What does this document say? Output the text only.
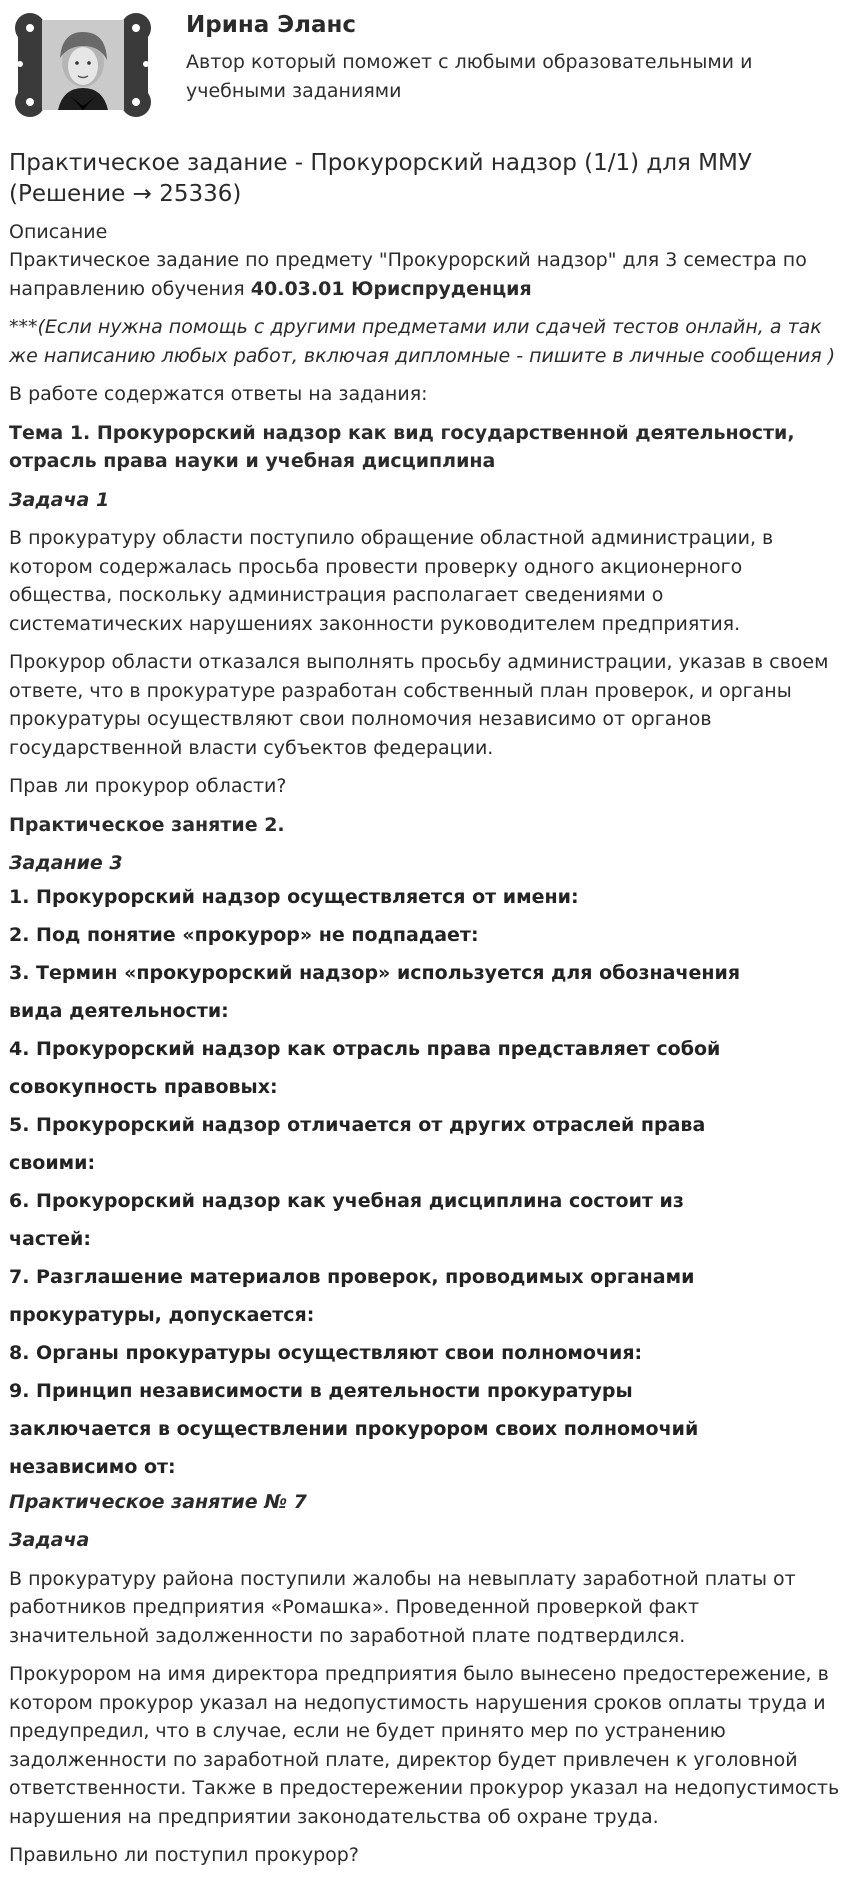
Ирина Эланс

Автор который поможет с любыми образовательными и учебными заданиями

Практическое задание - Прокурорский надзор (1/1) для ММУ (Решение → 25336)
Описание

Практическое задание по предмету "Прокурорский надзор" для 3 семестра по направлению обучения 40.03.01 Юриспруденция

***(Если нужна помощь с другими предметами или сдачей тестов онлайн, а так же написанию любых работ, включая дипломные - пишите в личные сообщения )

В работе содержатся ответы на задания:

Тема 1. Прокурорский надзор как вид государственной деятельности, отрасль права науки и учебная дисциплина

Задача 1

В прокуратуру области поступило обращение областной администрации, в котором содержалась просьба провести проверку одного акционерного общества, поскольку администрация располагает сведениями о систематических нарушениях законности руководителем предприятия.

Прокурор области отказался выполнять просьбу администрации, указав в своем ответе, что в прокуратуре разработан собственный план проверок, и органы прокуратуры осуществляют свои полномочия независимо от органов государственной власти субъектов федерации.

Прав ли прокурор области?

Практическое занятие 2.

Задание 3

1. Прокурорский надзор осуществляется от имени:
2. Под понятие «прокурор» не подпадает:
3. Термин «прокурорский надзор» используется для обозначения
вида деятельности:
4. Прокурорский надзор как отрасль права представляет собой
совокупность правовых:
5. Прокурорский надзор отличается от других отраслей права
своими:
6. Прокурорский надзор как учебная дисциплина состоит из
частей:
7. Разглашение материалов проверок, проводимых органами
прокуратуры, допускается:
8. Органы прокуратуры осуществляют свои полномочия:
9. Принцип независимости в деятельности прокуратуры
заключается в осуществлении прокурором своих полномочий
независимо от:

Практическое занятие № 7

Задача

В прокуратуру района поступили жалобы на невыплату заработной платы от работников предприятия «Ромашка». Проведенной проверкой факт значительной задолженности по заработной плате подтвердился.

Прокурором на имя директора предприятия было вынесено предостережение, в котором прокурор указал на недопустимость нарушения сроков оплаты труда и предупредил, что в случае, если не будет принято мер по устранению задолженности по заработной плате, директор будет привлечен к уголовной ответственности. Также в предостережении прокурор указал на недопустимость нарушения на предприятии законодательства об охране труда.

Правильно ли поступил прокурор?
